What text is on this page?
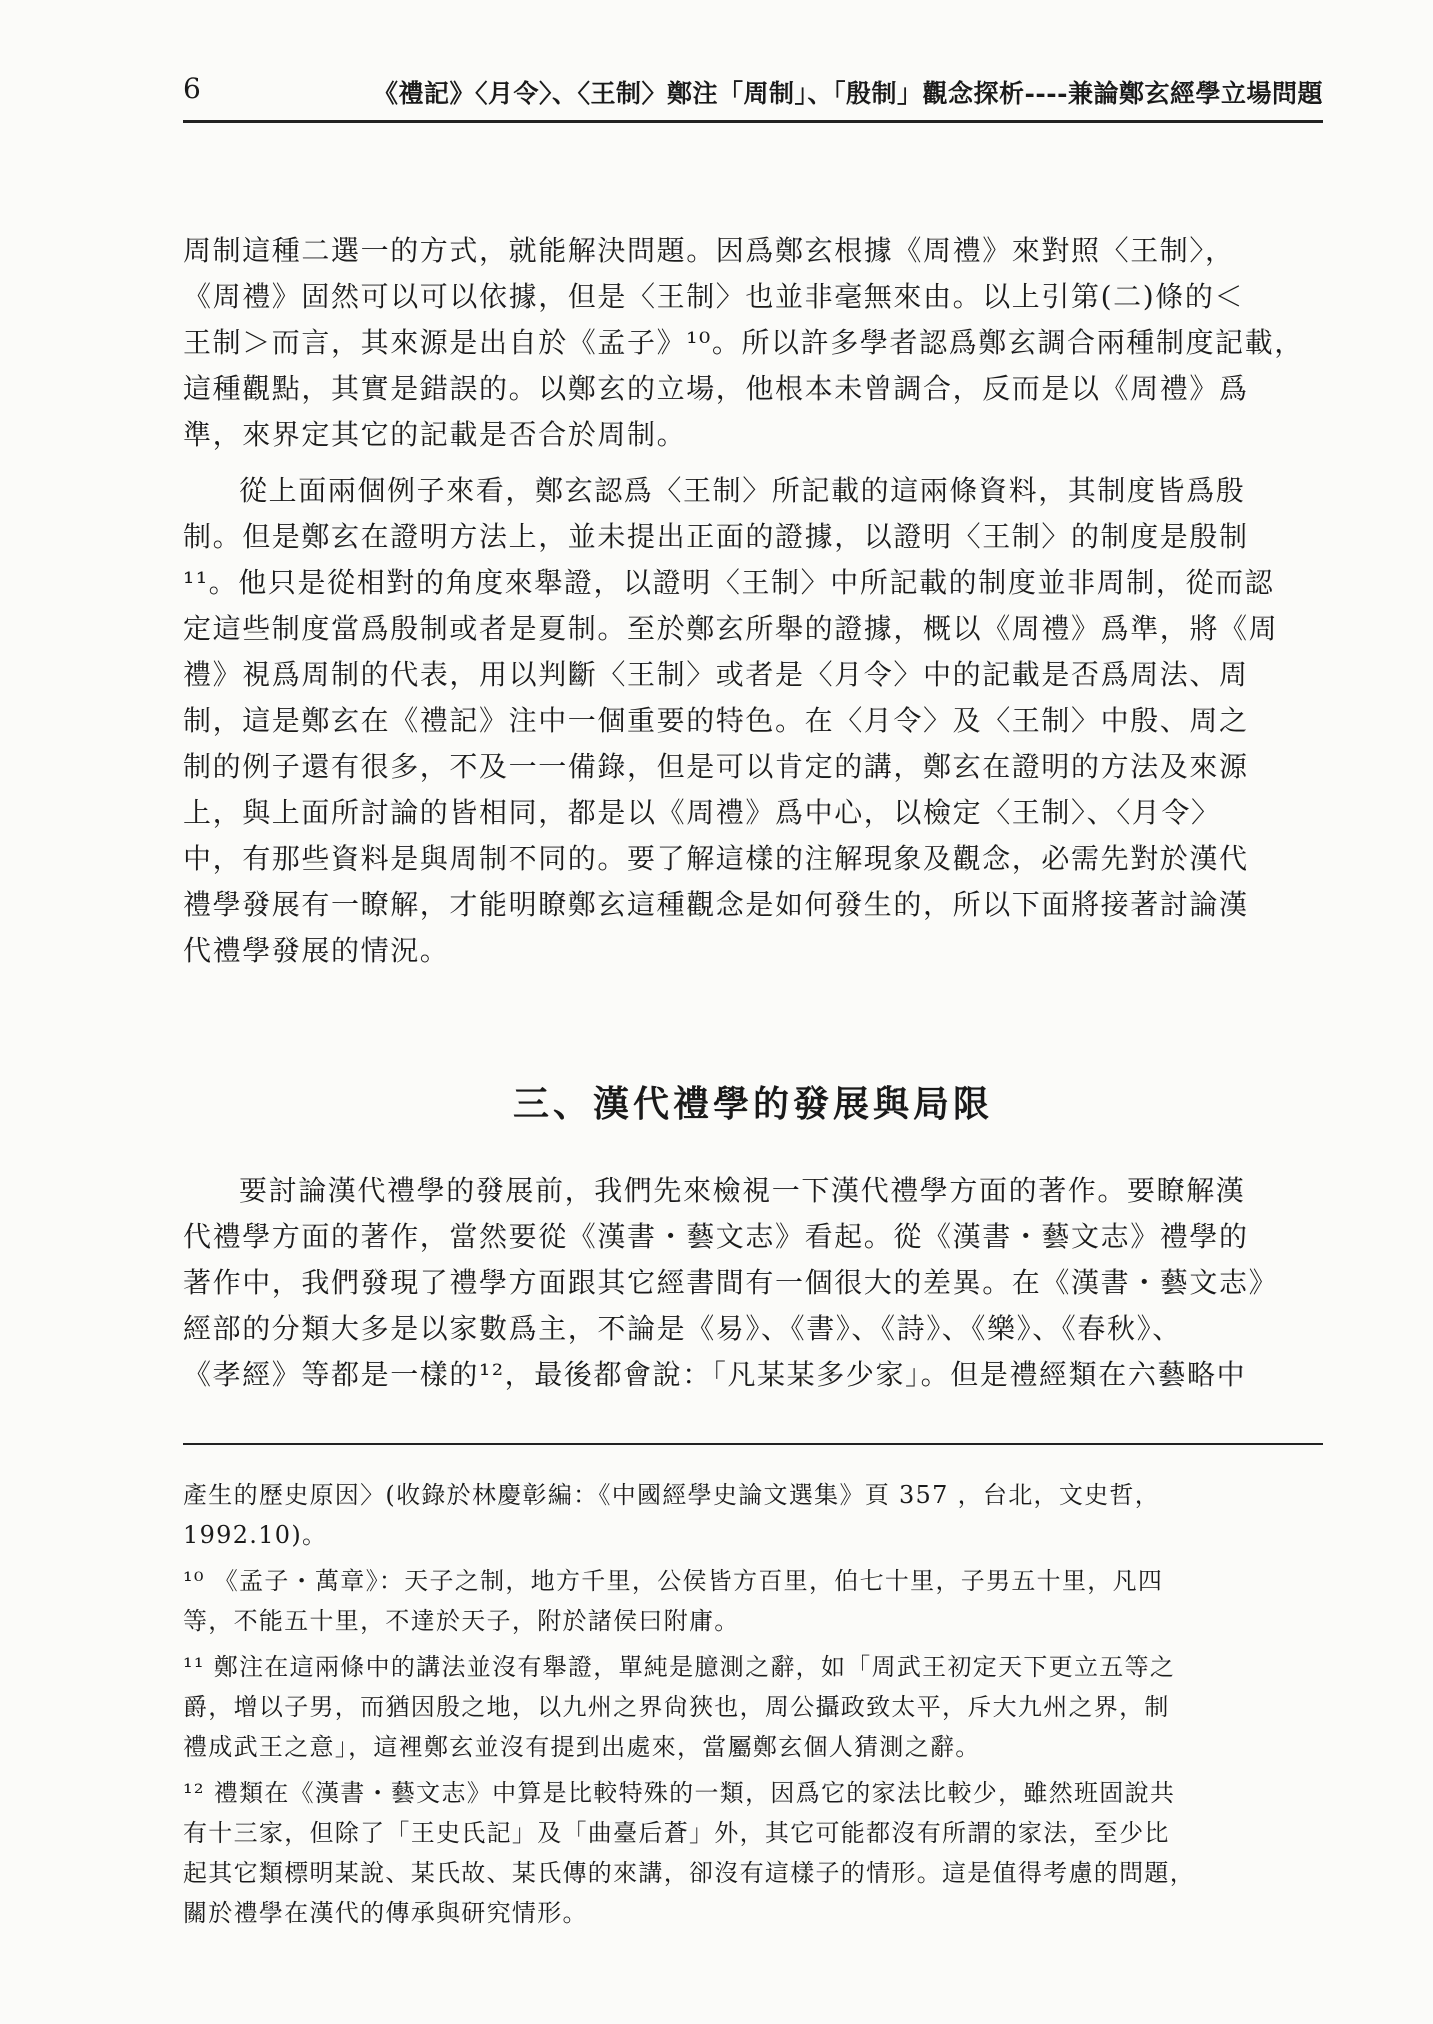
6	《禮記》〈月令〉、〈王制〉鄭注「周制」、「殷制」觀念探析----兼論鄭玄經學立場問題
周制這種二選一的方式，就能解決問題。因爲鄭玄根據《周禮》來對照〈王制〉，
《周禮》固然可以可以依據，但是〈王制〉也並非毫無來由。以上引第(二)條的＜
王制＞而言，其來源是出自於《孟子》¹⁰。所以許多學者認爲鄭玄調合兩種制度記載，
這種觀點，其實是錯誤的。以鄭玄的立場，他根本未曾調合，反而是以《周禮》爲
準，來界定其它的記載是否合於周制。
從上面兩個例子來看，鄭玄認爲〈王制〉所記載的這兩條資料，其制度皆爲殷
制。但是鄭玄在證明方法上，並未提出正面的證據，以證明〈王制〉的制度是殷制
¹¹。他只是從相對的角度來舉證，以證明〈王制〉中所記載的制度並非周制，從而認
定這些制度當爲殷制或者是夏制。至於鄭玄所舉的證據，概以《周禮》爲準，將《周
禮》視爲周制的代表，用以判斷〈王制〉或者是〈月令〉中的記載是否爲周法、周
制，這是鄭玄在《禮記》注中一個重要的特色。在〈月令〉及〈王制〉中殷、周之
制的例子還有很多，不及一一備錄，但是可以肯定的講，鄭玄在證明的方法及來源
上，與上面所討論的皆相同，都是以《周禮》爲中心，以檢定〈王制〉、〈月令〉
中，有那些資料是與周制不同的。要了解這樣的注解現象及觀念，必需先對於漢代
禮學發展有一瞭解，才能明瞭鄭玄這種觀念是如何發生的，所以下面將接著討論漢
代禮學發展的情況。
三、漢代禮學的發展與局限
要討論漢代禮學的發展前，我們先來檢視一下漢代禮學方面的著作。要瞭解漢
代禮學方面的著作，當然要從《漢書・藝文志》看起。從《漢書・藝文志》禮學的
著作中，我們發現了禮學方面跟其它經書間有一個很大的差異。在《漢書・藝文志》
經部的分類大多是以家數爲主，不論是《易》、《書》、《詩》、《樂》、《春秋》、
《孝經》等都是一樣的¹²，最後都會說：「凡某某多少家」。但是禮經類在六藝略中
產生的歷史原因〉(收錄於林慶彰編：《中國經學史論文選集》頁 357 ，台北，文史哲，
1992.10)。
¹⁰ 《孟子・萬章》：天子之制，地方千里，公侯皆方百里，伯七十里，子男五十里，凡四
等，不能五十里，不達於天子，附於諸侯曰附庸。
¹¹ 鄭注在這兩條中的講法並沒有舉證，單純是臆測之辭，如「周武王初定天下更立五等之
爵，增以子男，而猶因殷之地，以九州之界尙狹也，周公攝政致太平，斥大九州之界，制
禮成武王之意」，這裡鄭玄並沒有提到出處來，當屬鄭玄個人猜測之辭。
¹² 禮類在《漢書・藝文志》中算是比較特殊的一類，因爲它的家法比較少，雖然班固說共
有十三家，但除了「王史氏記」及「曲臺后蒼」外，其它可能都沒有所謂的家法，至少比
起其它類標明某說、某氏故、某氏傳的來講，卻沒有這樣子的情形。這是值得考慮的問題，
關於禮學在漢代的傳承與研究情形。
